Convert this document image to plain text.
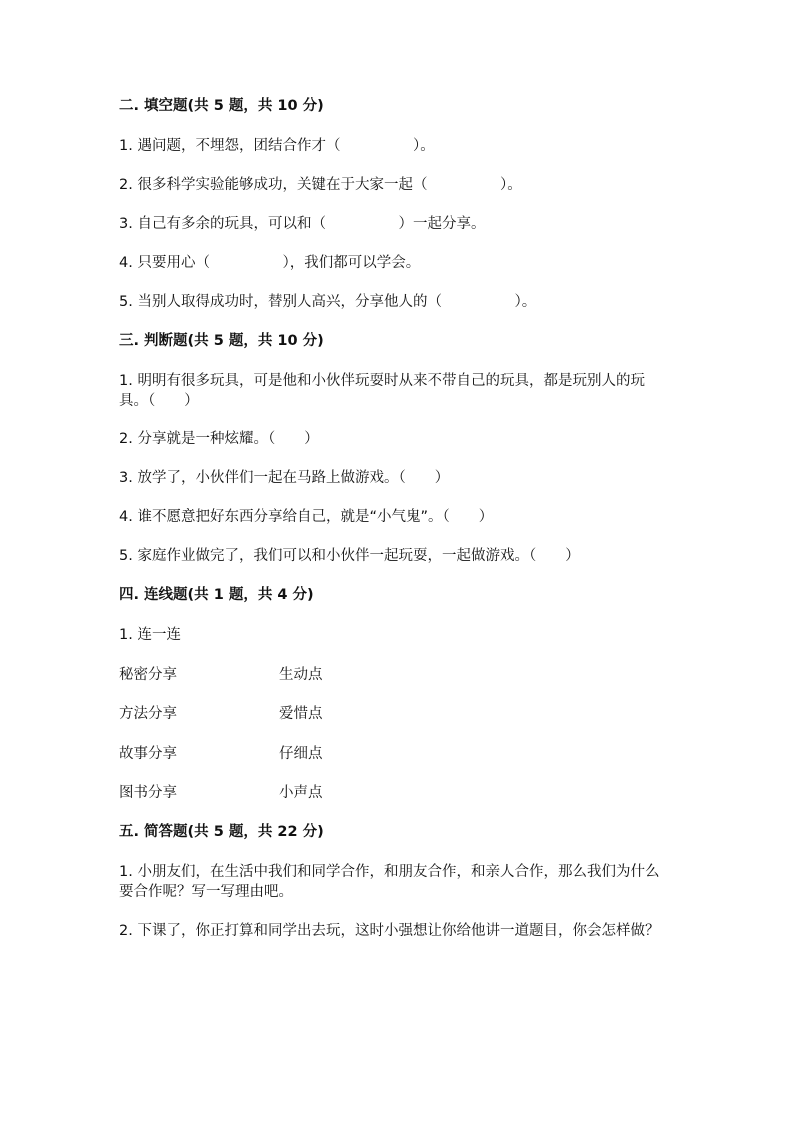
二. 填空题(共 5 题，共 10 分)
1. 遇问题，不埋怨，团结合作才（　　　　　）。
2. 很多科学实验能够成功，关键在于大家一起（　　　　　）。
3. 自己有多余的玩具，可以和（　　　　　）一起分享。
4. 只要用心（　　　　　），我们都可以学会。
5. 当别人取得成功时，替别人高兴，分享他人的（　　　　　）。
三. 判断题(共 5 题，共 10 分)
1. 明明有很多玩具，可是他和小伙伴玩耍时从来不带自己的玩具，都是玩别人的玩具。（　　）
2. 分享就是一种炫耀。（　　）
3. 放学了，小伙伴们一起在马路上做游戏。（　　）
4. 谁不愿意把好东西分享给自己，就是“小气鬼”。（　　）
5. 家庭作业做完了，我们可以和小伙伴一起玩耍，一起做游戏。（　　）
四. 连线题(共 1 题，共 4 分)
1. 连一连
秘密分享	生动点
方法分享	爱惜点
故事分享	仔细点
图书分享	小声点
五. 简答题(共 5 题，共 22 分)
1. 小朋友们，在生活中我们和同学合作，和朋友合作，和亲人合作，那么我们为什么要合作呢？写一写理由吧。
2. 下课了，你正打算和同学出去玩，这时小强想让你给他讲一道题目，你会怎样做？
